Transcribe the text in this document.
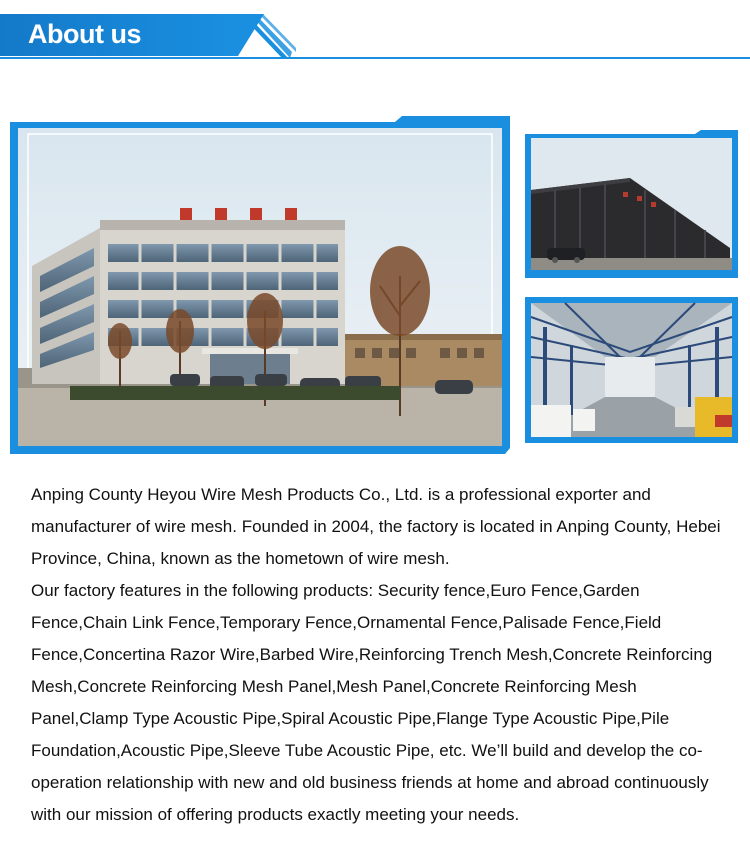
About us

Anping County Heyou Wire Mesh Products Co., Ltd. is a professional exporter and manufacturer of wire mesh. Founded in 2004, the factory is located in Anping County, Hebei Province, China, known as the hometown of wire mesh.

Our factory features in the following products: Security fence,Euro Fence,Garden Fence,Chain Link Fence,Temporary Fence,Ornamental Fence,Palisade Fence,Field Fence,Concertina Razor Wire,Barbed Wire,Reinforcing Trench Mesh,Concrete Reinforcing Mesh,Concrete Reinforcing Mesh Panel,Mesh Panel,Concrete Reinforcing Mesh Panel,Clamp Type Acoustic Pipe,Spiral Acoustic Pipe,Flange Type Acoustic Pipe,Pile Foundation,Acoustic Pipe,Sleeve Tube Acoustic Pipe, etc. We’ll build and develop the co-operation relationship with new and old business friends at home and abroad continuously with our mission of offering products exactly meeting your needs.
